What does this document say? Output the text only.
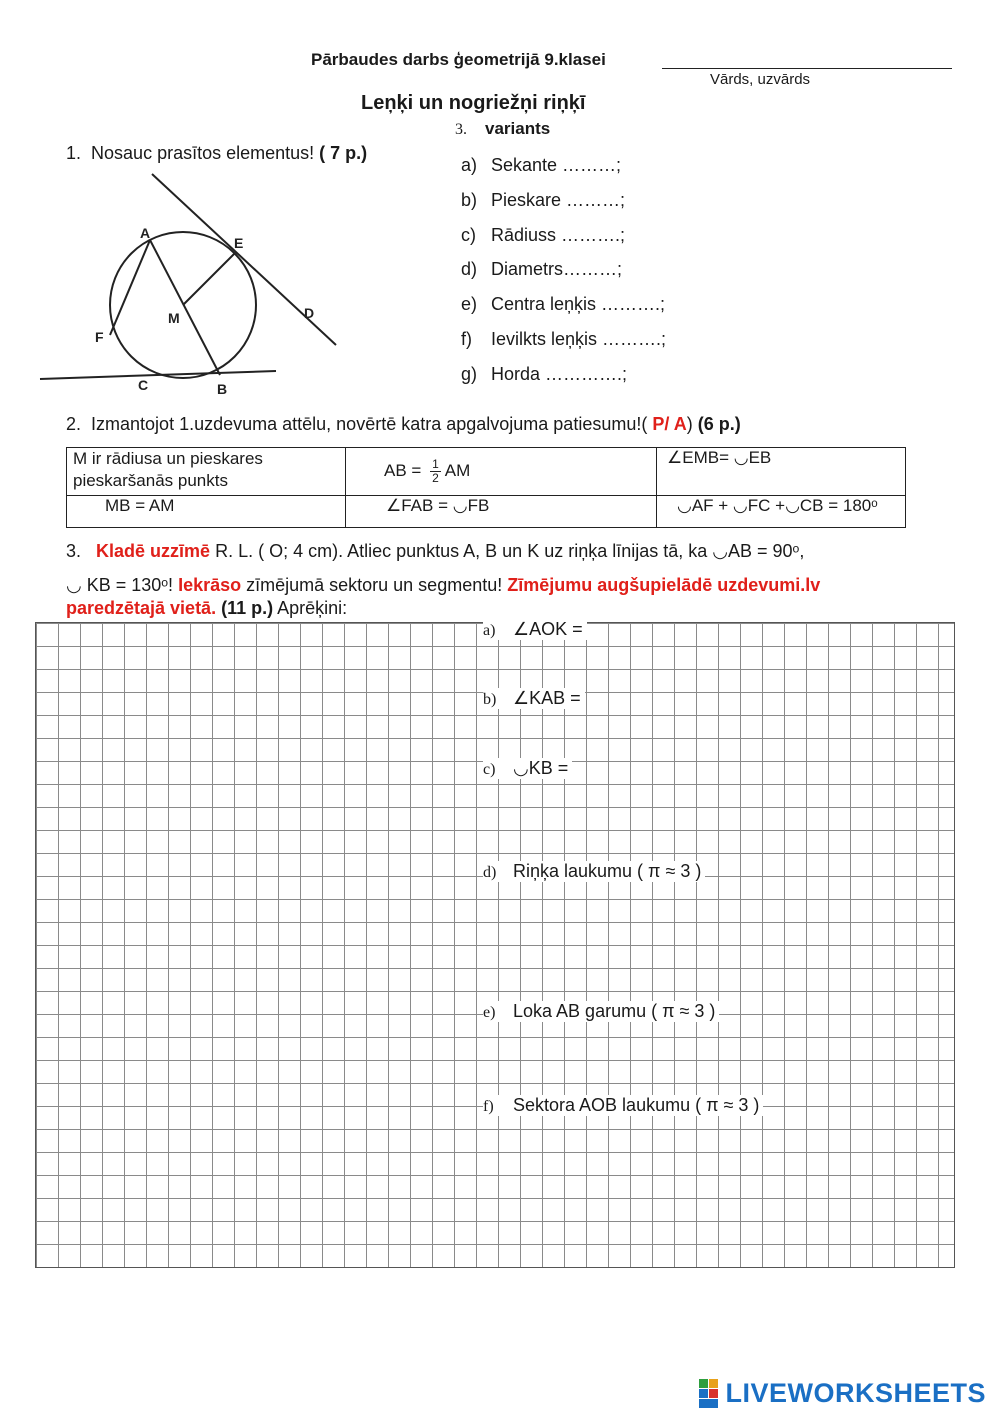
Pārbaudes darbs ģeometrijā 9.klasei
Vārds, uzvārds
Leņķi un nogriežņi riņķī
3. variants
1. Nosauc prasītos elementus! ( 7 p.)
a) Sekante ………;
b) Pieskare ………;
c) Rādiuss ……….;
d) Diametrs………;
e) Centra leņķis ……….;
f) Ievilkts leņķis ……….;
g) Horda ………….;
A
E
D
M
F
C	B
2. Izmantojot 1.uzdevuma attēlu, novērtē katra apgalvojuma patiesumu!( P/ A) (6 p.)
M ir rādiusa un pieskares pieskaršanās punkts	AB = $\frac{1}{2}$ AM	∠EMB= ◡EB
MB = AM	∠FAB = ◡FB	◡AF + ◡FC +◡CB = 180ᵒ
3. Kladē uzzīmē R. L. ( O; 4 cm). Atliec punktus A, B un K uz riņķa līnijas tā, ka ◡AB = 90ᵒ,
◡ KB = 130ᵒ! Iekrāso zīmējumā sektoru un segmentu! Zīmējumu augšupielādē uzdevumi.lv
paredzētajā vietā. (11 p.) Aprēķini:
a) ∠AOK =
b) ∠KAB =
c) ◡KB =
d) Riņķa laukumu ( π ≈ 3 )
e) Loka AB garumu ( π ≈ 3 )
f) Sektora AOB laukumu ( π ≈ 3 )
LIVEWORKSHEETS
